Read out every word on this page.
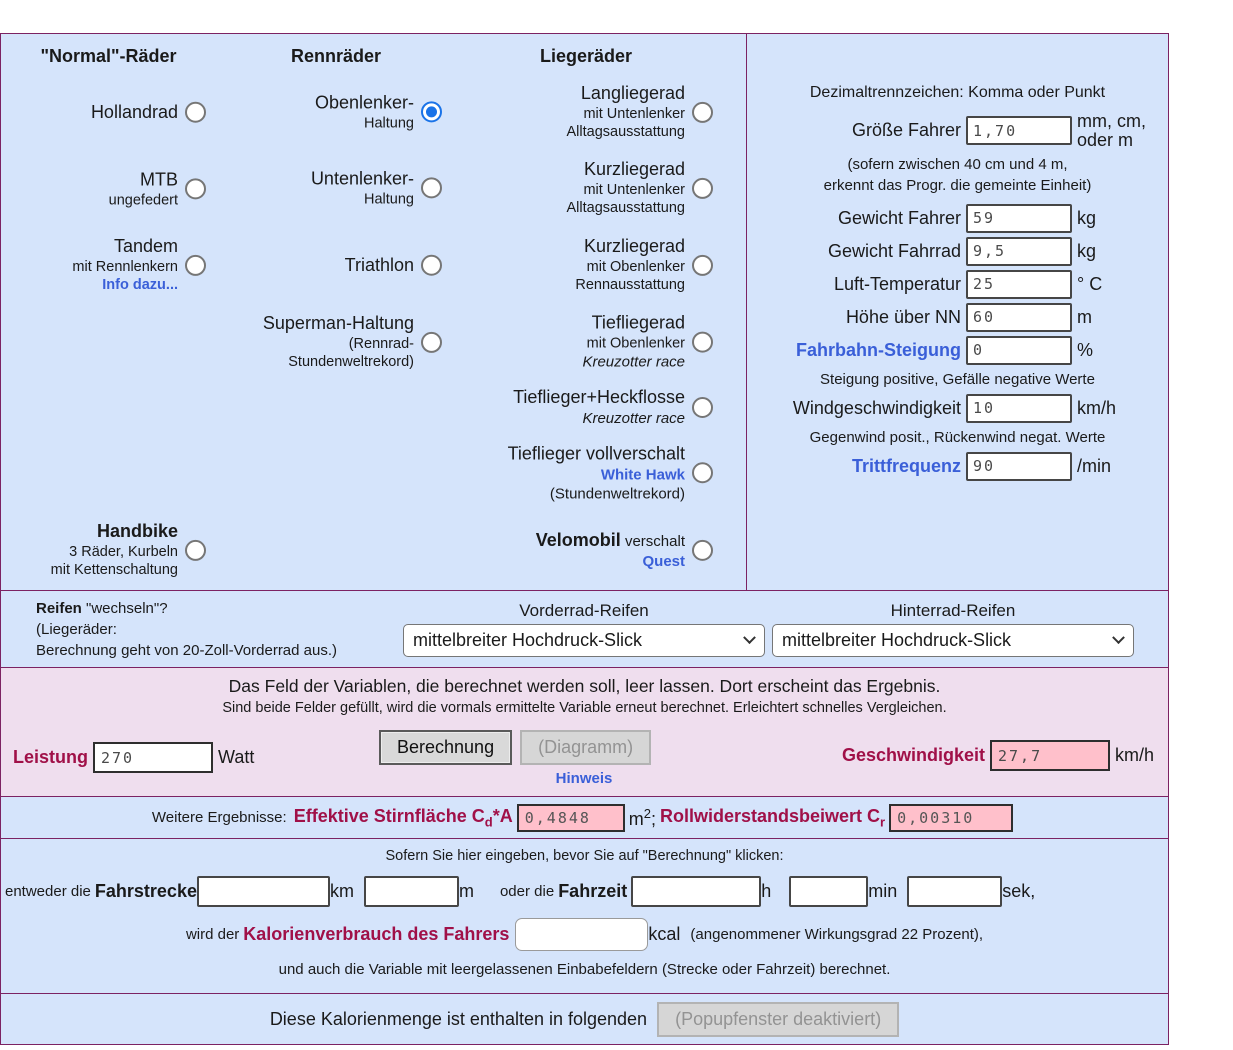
"Normal"-Räder	Rennräder	Liegeräder
Hollandrad
MTB
ungefedert
Tandem
mit Rennlenkern
Info dazu...
Handbike
3 Räder, Kurbeln
mit Kettenschaltung
Obenlenker-
Haltung
Untenlenker-
Haltung
Triathlon
Superman-Haltung
(Rennrad-
Stundenweltrekord)
Langliegerad
mit Untenlenker
Alltagsausstattung
Kurzliegerad
mit Untenlenker
Alltagsausstattung
Kurzliegerad
mit Obenlenker
Rennausstattung
Tiefliegerad
mit Obenlenker
Kreuzotter race
Tieflieger+Heckflosse
Kreuzotter race
Tieflieger vollverschalt
White Hawk
(Stundenweltrekord)
Velomobil verschalt
Quest
Dezimaltrennzeichen: Komma oder Punkt
Größe Fahrer
1,70	mm, cm,
oder m
(sofern zwischen 40 cm und 4 m,
erkennt das Progr. die gemeinte Einheit)
Gewicht Fahrer
59	kg
Gewicht Fahrrad
9,5	kg
Luft-Temperatur
25	° C
Höhe über NN
60	m
Fahrbahn-Steigung
0	%
Steigung positive, Gefälle negative Werte
Windgeschwindigkeit
10	km/h
Gegenwind posit., Rückenwind negat. Werte
Trittfrequenz
90	/min
Reifen "wechseln"?
(Liegeräder:
Berechnung geht von 20-Zoll-Vorderrad aus.)
Vorderrad-Reifen
mittelbreiter Hochdruck-Slick
Hinterrad-Reifen
mittelbreiter Hochdruck-Slick
Das Feld der Variablen, die berechnet werden soll, leer lassen. Dort erscheint das Ergebnis.
Sind beide Felder gefüllt, wird die vormals ermittelte Variable erneut berechnet. Erleichtert schnelles Vergleichen.
Leistung
270	Watt	Berechnung	(Diagramm)
Hinweis
Geschwindigkeit
27,7	km/h
Weitere Ergebnisse: Effektive Stirnfläche $C_d*A$ 0,4848	$m^2$; Rollwiderstandsbeiwert $C_r$ 0,00310
Sofern Sie hier eingeben, bevor Sie auf "Berechnung" klicken:
entweder die Fahrstrecke	km	m oder die Fahrzeit	h	min	sek,
wird der Kalorienverbrauch des Fahrers	kcal (angenommener Wirkungsgrad 22 Prozent),
und auch die Variable mit leergelassenen Einbabefeldern (Strecke oder Fahrzeit) berechnet.
Diese Kalorienmenge ist enthalten in folgenden	(Popupfenster deaktiviert)
